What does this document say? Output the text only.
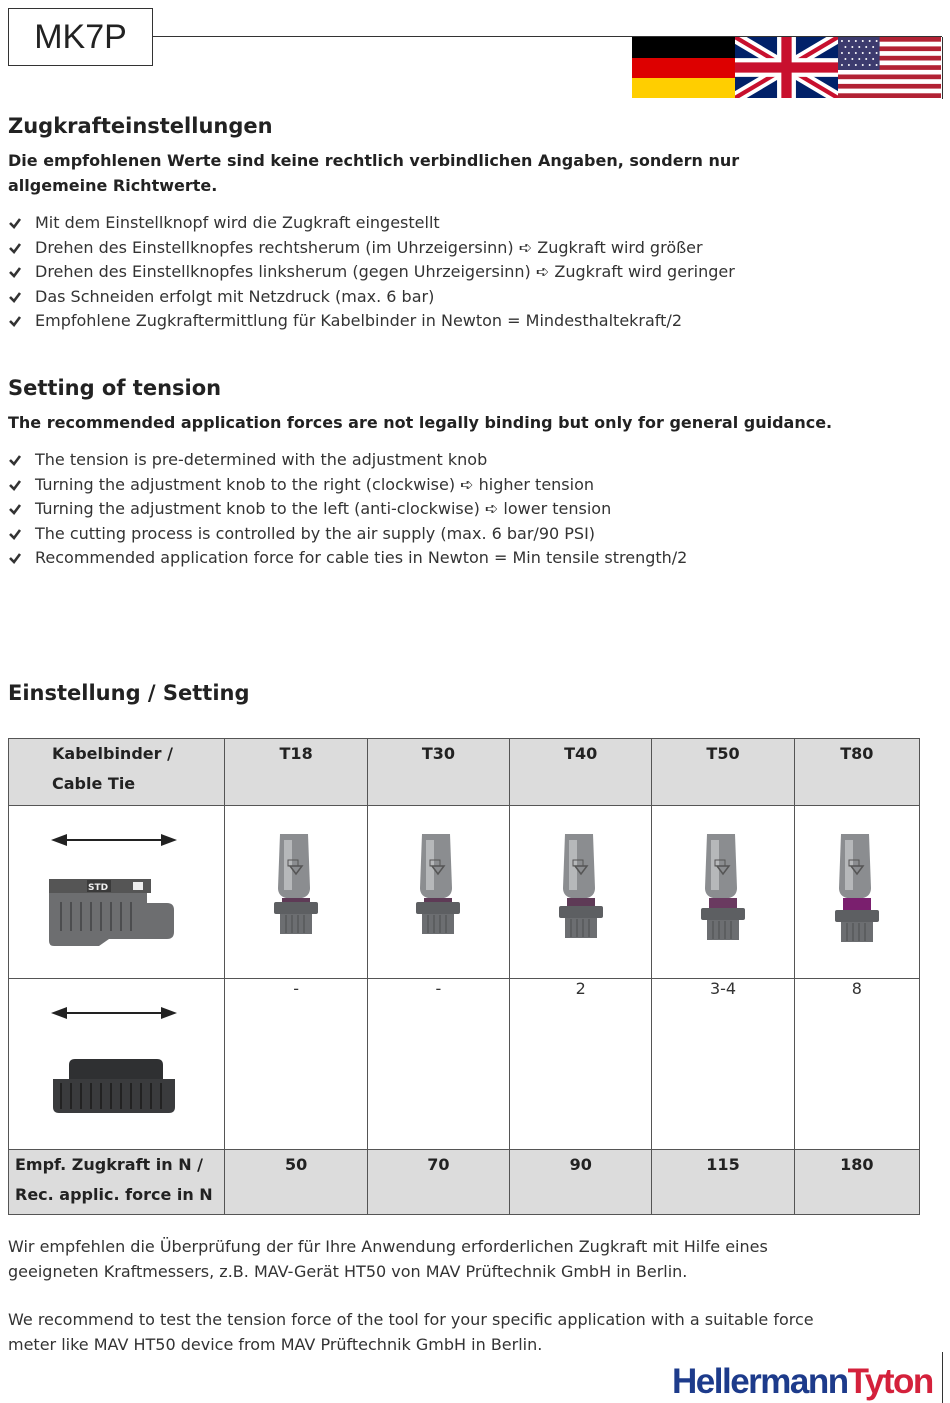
MK7P
Zugkrafteinstellungen
Die empfohlenen Werte sind keine rechtlich verbindlichen Angaben, sondern nur allgemeine Richtwerte.
Mit dem Einstellknopf wird die Zugkraft eingestellt
Drehen des Einstellknopfes rechtsherum (im Uhrzeigersinn) ➪ Zugkraft wird größer
Drehen des Einstellknopfes linksherum (gegen Uhrzeigersinn) ➪ Zugkraft wird geringer
Das Schneiden erfolgt mit Netzdruck (max. 6 bar)
Empfohlene Zugkraftermittlung für Kabelbinder in Newton = Mindesthaltekraft/2
Setting of tension
The recommended application forces are not legally binding but only for general guidance.
The tension is pre-determined with the adjustment knob
Turning the adjustment knob to the right (clockwise) ➪ higher tension
Turning the adjustment knob to the left (anti-clockwise) ➪ lower tension
The cutting process is controlled by the air supply (max. 6 bar/90 PSI)
Recommended application force for cable ties in Newton = Min tensile strength/2
Einstellung / Setting
Kabelbinder /
Cable Tie	T18	T30	T40	T50	T80

STD

	-	-	2	3-4	8

Empf. Zugkraft in N /
Rec. applic. force in N	50	70	90	115	180

Wir empfehlen die Überprüfung der für Ihre Anwendung erforderlichen Zugkraft mit Hilfe eines geeigneten Kraftmessers, z.B. MAV-Gerät HT50 von MAV Prüftechnik GmbH in Berlin.

We recommend to test the tension force of the tool for your specific application with a suitable force meter like MAV HT50 device from MAV Prüftechnik GmbH in Berlin.

HellermannTyton
